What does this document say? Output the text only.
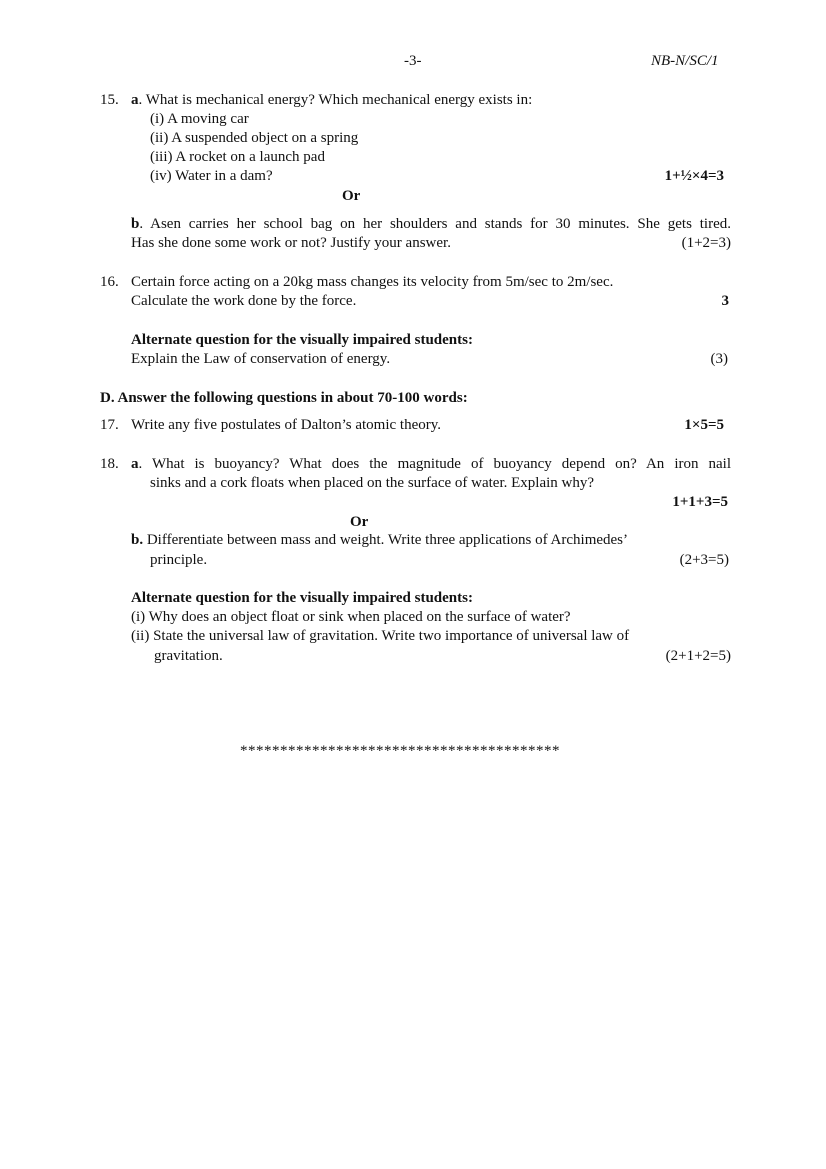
-3-	NB-N/SC/1
15. a. What is mechanical energy? Which mechanical energy exists in:
(i) A moving car
(ii) A suspended object on a spring
(iii) A rocket on a launch pad
(iv) Water in a dam?	1+½×4=3
Or
b. Asen carries her school bag on her shoulders and stands for 30 minutes. She gets tired.
Has she done some work or not? Justify your answer.	(1+2=3)
16. Certain force acting on a 20kg mass changes its velocity from 5m/sec to 2m/sec.
Calculate the work done by the force.	3
Alternate question for the visually impaired students:
Explain the Law of conservation of energy.	(3)
D. Answer the following questions in about 70-100 words:
17. Write any five postulates of Dalton’s atomic theory.	1×5=5
18. a. What is buoyancy? What does the magnitude of buoyancy depend on? An iron nail
sinks and a cork floats when placed on the surface of water. Explain why?
1+1+3=5
Or
b. Differentiate between mass and weight. Write three applications of Archimedes’
principle.	(2+3=5)
Alternate question for the visually impaired students:
(i) Why does an object float or sink when placed on the surface of water?
(ii) State the universal law of gravitation. Write two importance of universal law of
gravitation.	(2+1+2=5)
****************************************
